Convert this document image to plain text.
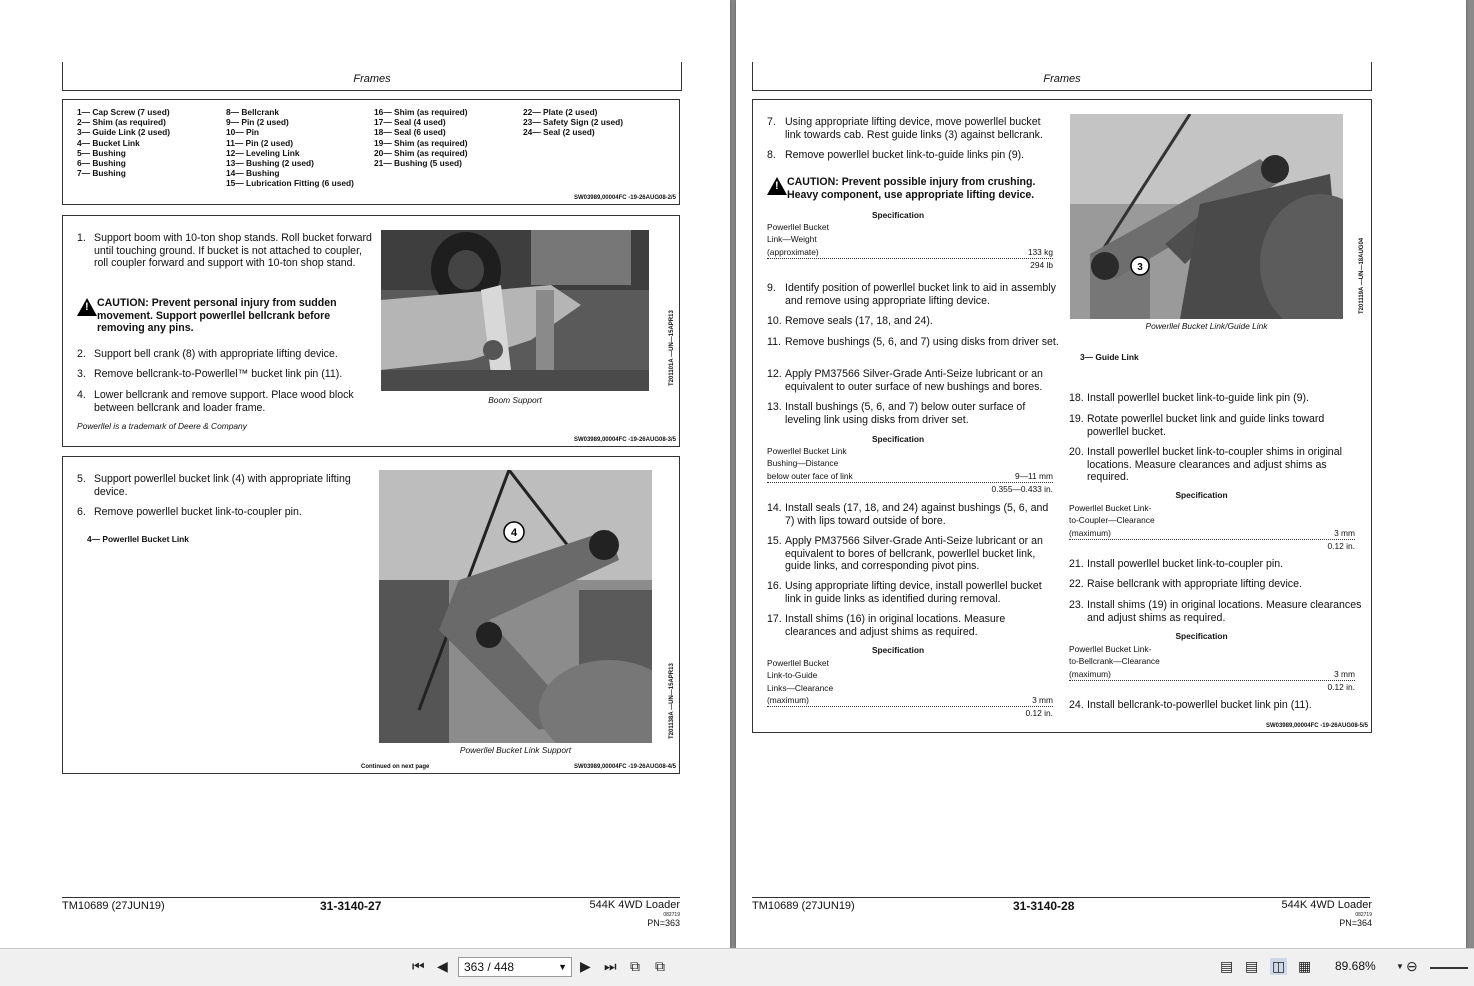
Frames
1— Cap Screw (7 used)
2— Shim (as required)
3— Guide Link (2 used)
4— Bucket Link
5— Bushing
6— Bushing
7— Bushing
8— Bellcrank
9— Pin (2 used)
10— Pin
11— Pin (2 used)
12— Leveling Link
13— Bushing (2 used)
14— Bushing
15— Lubrication Fitting (6 used)
16— Shim (as required)
17— Seal (4 used)
18— Seal (6 used)
19— Shim (as required)
20— Shim (as required)
21— Bushing (5 used)
22— Plate (2 used)
23— Safety Sign (2 used)
24— Seal (2 used)
SW03989,00004FC -19-26AUG08-2/5
1. Support boom with 10-ton shop stands. Roll bucket forward until touching ground. If bucket is not attached to coupler, roll coupler forward and support with 10-ton shop stand.
!
CAUTION: Prevent personal injury from sudden movement. Support powerllel bellcrank before removing any pins.
2. Support bell crank (8) with appropriate lifting device.
3. Remove bellcrank-to-Powerllel™ bucket link pin (11).
4. Lower bellcrank and remove support. Place wood block between bellcrank and loader frame.
Powerllel is a trademark of Deere & Company
Boom Support
T201101A —UN—15APR13
SW03989,00004FC -19-26AUG08-3/5
5. Support powerllel bucket link (4) with appropriate lifting device.
6. Remove powerllel bucket link-to-coupler pin.
4— Powerllel Bucket Link	4
Powerllel Bucket Link Support
T201138A —UN—15APR13
Continued on next page	SW03989,00004FC -19-26AUG08-4/5
TM10689 (27JUN19)	31-3140-27	544K 4WD Loader
082719
PN=363
Frames
7. Using appropriate lifting device, move powerllel bucket link towards cab. Rest guide links (3) against bellcrank.
8. Remove powerllel bucket link-to-guide links pin (9).
!
CAUTION: Prevent possible injury from crushing. Heavy component, use appropriate lifting device.
Specification
Powerllel Bucket
Link—Weight
(approximate)	133 kg
294 lb
9. Identify position of powerllel bucket link to aid in assembly and remove using appropriate lifting device.
10. Remove seals (17, 18, and 24).
11. Remove bushings (5, 6, and 7) using disks from driver set.
12. Apply PM37566 Silver-Grade Anti-Seize lubricant or an equivalent to outer surface of new bushings and bores.
13. Install bushings (5, 6, and 7) below outer surface of leveling link using disks from driver set.
Specification
Powerllel Bucket Link
Bushing—Distance
below outer face of link	9—11 mm
0.355—0.433 in.
14. Install seals (17, 18, and 24) against bushings (5, 6, and 7) with lips toward outside of bore.
15. Apply PM37566 Silver-Grade Anti-Seize lubricant or an equivalent to bores of bellcrank, powerllel bucket link, guide links, and corresponding pivot pins.
16. Using appropriate lifting device, install powerllel bucket link in guide links as identified during removal.
17. Install shims (16) in original locations. Measure clearances and adjust shims as required.
Specification
Powerllel Bucket
Link-to-Guide
Links—Clearance
(maximum)	3 mm
0.12 in.
3
Powerllel Bucket Link/Guide Link
T201119A —UN—18AUG04
3— Guide Link
18. Install powerllel bucket link-to-guide link pin (9).
19. Rotate powerllel bucket link and guide links toward powerllel bucket.
20. Install powerllel bucket link-to-coupler shims in original locations. Measure clearances and adjust shims as required.
Specification
Powerllel Bucket Link-
to-Coupler—Clearance
(maximum)	3 mm
0.12 in.
21. Install powerllel bucket link-to-coupler pin.
22. Raise bellcrank with appropriate lifting device.
23. Install shims (19) in original locations. Measure clearances and adjust shims as required.
Specification
Powerllel Bucket Link-
to-Bellcrank—Clearance
(maximum)	3 mm
0.12 in.
24. Install bellcrank-to-powerllel bucket link pin (11).
SW03989,00004FC -19-26AUG08-5/5
TM10689 (27JUN19)	31-3140-28	544K 4WD Loader
082719
PN=364
⏮ ◀	363 / 448	▼ ▶ ⏭ ⧉ ⧉	▤ ▤ ◫ ▦ 89.68%	▼ ⊖
